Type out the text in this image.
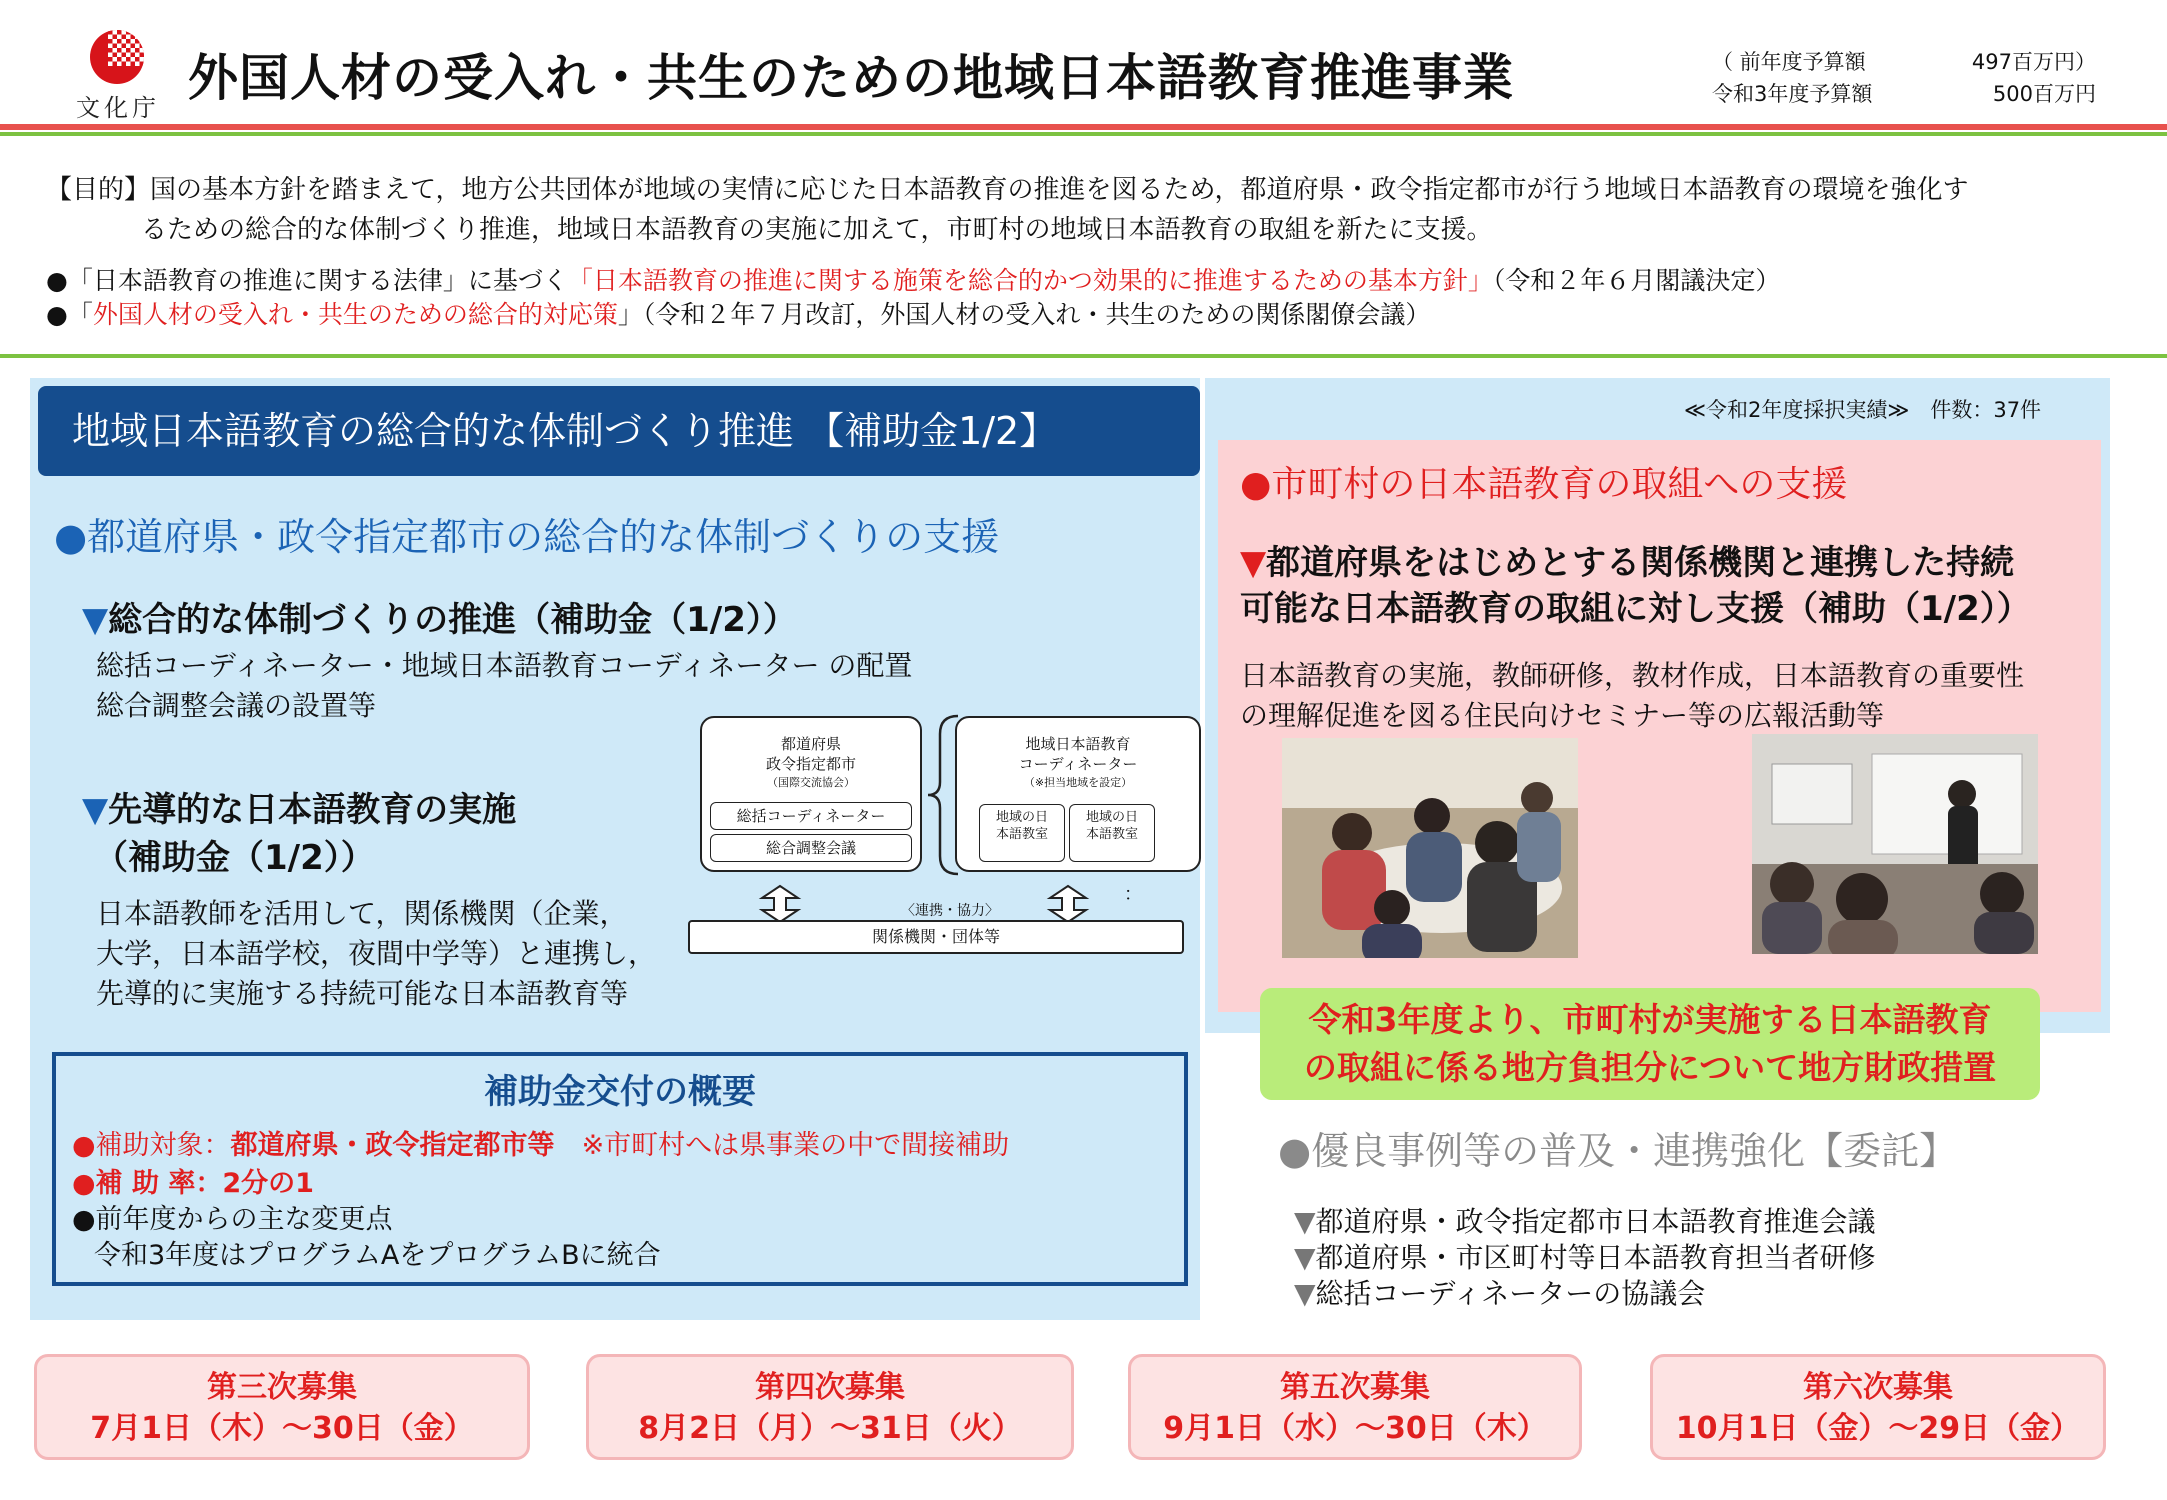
文化庁
外国人材の受入れ・共生のための地域日本語教育推進事業	（ 前年度予算額
令和3年度予算額
497百万円）
500百万円
【目的】国の基本方針を踏まえて，地方公共団体が地域の実情に応じた日本語教育の推進を図るため，都道府県・政令指定都市が行う地域日本語教育の環境を強化す
るための総合的な体制づくり推進，地域日本語教育の実施に加えて，市町村の地域日本語教育の取組を新たに支援。
●「日本語教育の推進に関する法律」に基づく「日本語教育の推進に関する施策を総合的かつ効果的に推進するための基本方針」（令和２年６月閣議決定）
●「外国人材の受入れ・共生のための総合的対応策」（令和２年７月改訂，外国人材の受入れ・共生のための関係閣僚会議）
地域日本語教育の総合的な体制づくり推進 【補助金1/2】
●都道府県・政令指定都市の総合的な体制づくりの支援
▼総合的な体制づくりの推進（補助金（1/2））
総括コーディネーター・地域日本語教育コーディネーター の配置
総合調整会議の設置等
▼先導的な日本語教育の実施
（補助金（1/2））
日本語教師を活用して，関係機関（企業，
大学，日本語学校，夜間中学等）と連携し，
先導的に実施する持続可能な日本語教育等
都道府県
政令指定都市
（国際交流協会）
総括コーディネーター
総合調整会議
地域日本語教育
コーディネーター
（※担当地域を設定）
地域の日本語教室
地域の日本語教室
：
〈連携・協力〉
関係機関・団体等
補助金交付の概要
●補助対象：都道府県・政令指定都市等　 ※市町村へは県事業の中で間接補助
●補 助 率：2分の1
●前年度からの主な変更点
令和3年度はプログラムAをプログラムBに統合
≪令和2年度採択実績≫　件数：37件
●市町村の日本語教育の取組への支援
▼都道府県をはじめとする関係機関と連携した持続
可能な日本語教育の取組に対し支援（補助（1/2））
日本語教育の実施，教師研修，教材作成，日本語教育の重要性
の理解促進を図る住民向けセミナー等の広報活動等
令和3年度より、市町村が実施する日本語教育
の取組に係る地方負担分について地方財政措置
●優良事例等の普及・連携強化【委託】
▼都道府県・政令指定都市日本語教育推進会議
▼都道府県・市区町村等日本語教育担当者研修
▼総括コーディネーターの協議会
第三次募集
7月1日（木）～30日（金）
第四次募集
8月2日（月）～31日（火）
第五次募集
9月1日（水）～30日（木）
第六次募集
10月1日（金）～29日（金）
